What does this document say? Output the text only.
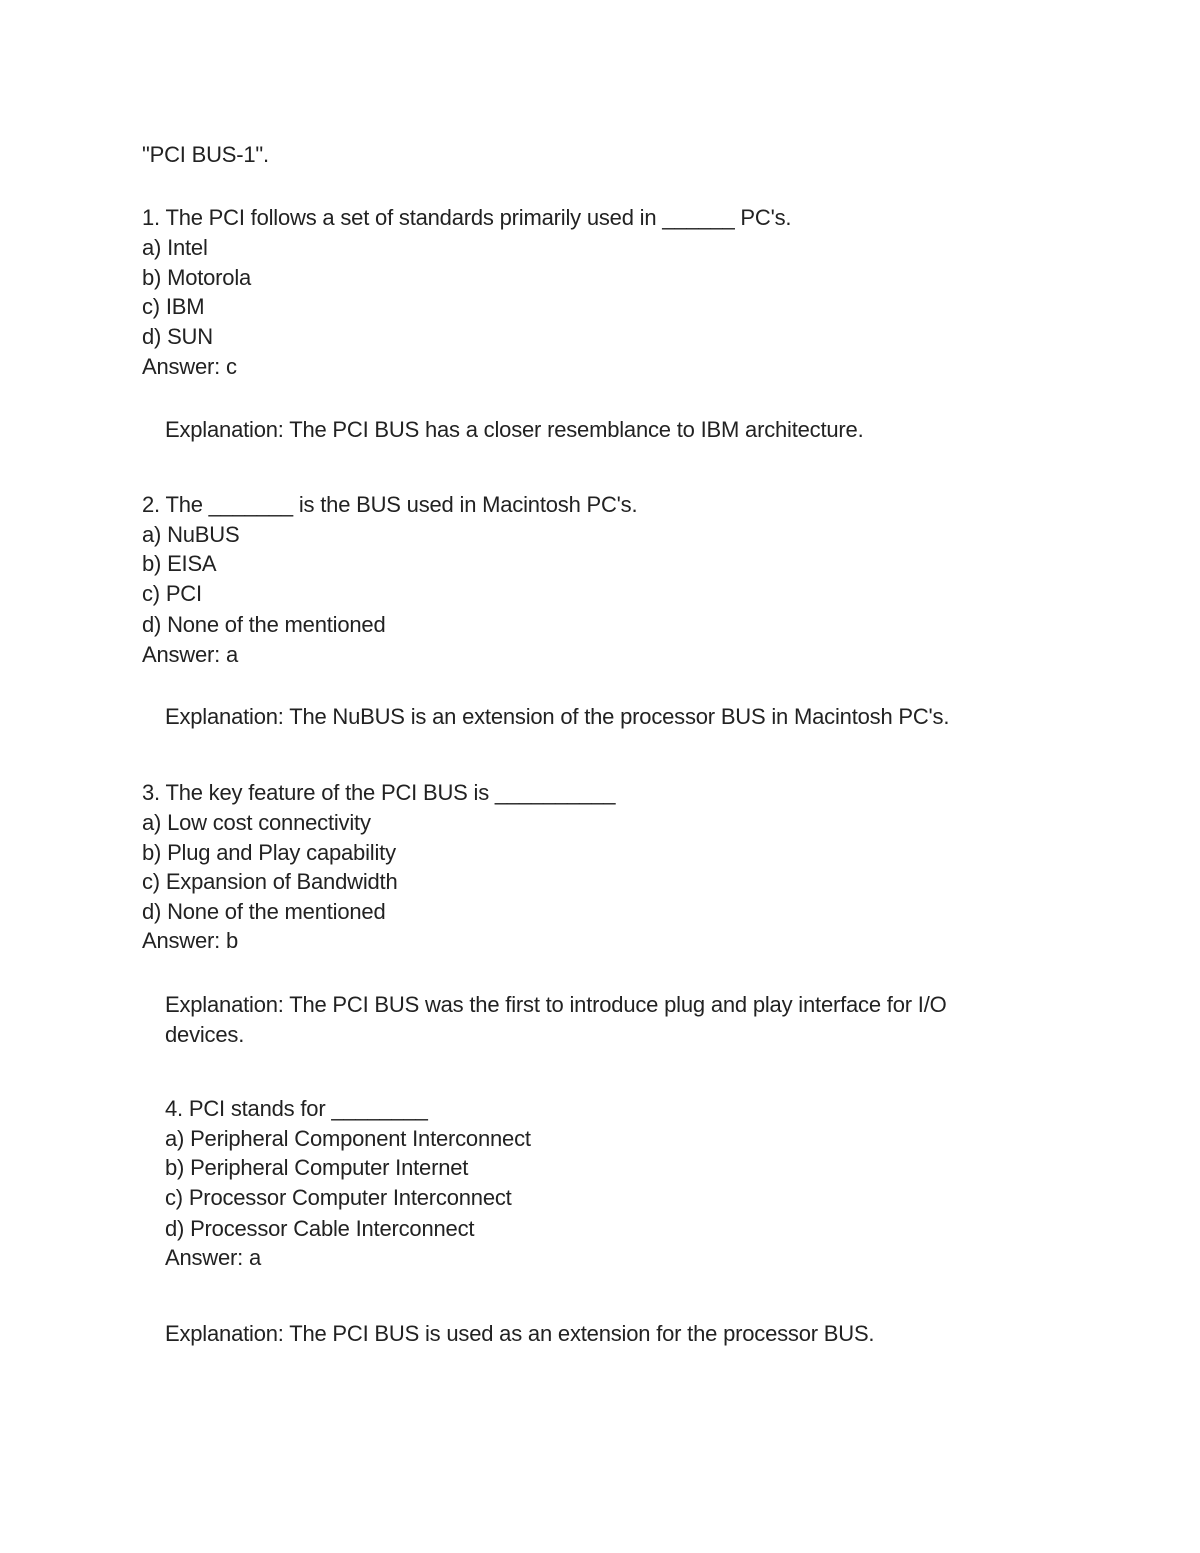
"PCI BUS-1".
1. The PCI follows a set of standards primarily used in ______ PC's.
a) Intel
b) Motorola
c) IBM
d) SUN
Answer: c
Explanation: The PCI BUS has a closer resemblance to IBM architecture.
2. The _______ is the BUS used in Macintosh PC's.
a) NuBUS
b) EISA
c) PCI
d) None of the mentioned
Answer: a
Explanation: The NuBUS is an extension of the processor BUS in Macintosh PC's.
3. The key feature of the PCI BUS is __________
a) Low cost connectivity
b) Plug and Play capability
c) Expansion of Bandwidth
d) None of the mentioned
Answer: b
Explanation: The PCI BUS was the first to introduce plug and play interface for I/O
devices.
4. PCI stands for ________
a) Peripheral Component Interconnect
b) Peripheral Computer Internet
c) Processor Computer Interconnect
d) Processor Cable Interconnect
Answer: a
Explanation: The PCI BUS is used as an extension for the processor BUS.
